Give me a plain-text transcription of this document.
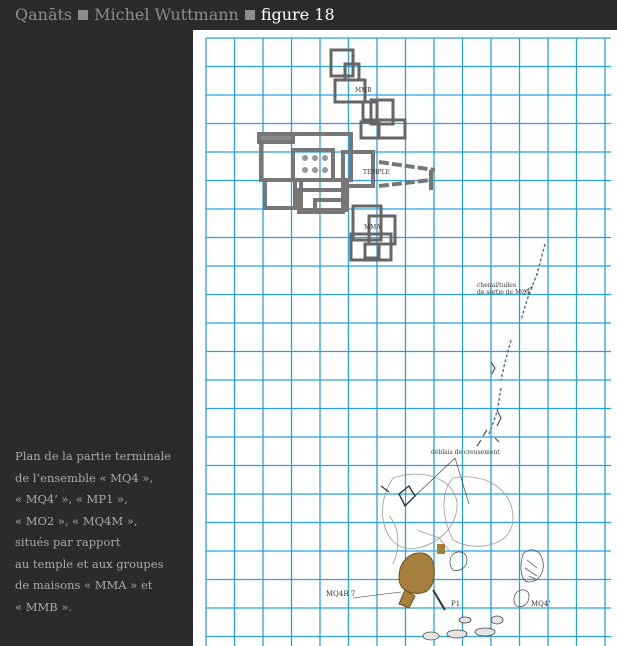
Qanāts Michel Wuttmann figure 18
Plan de la partie terminale
de l’ensemble « MQ4 »,
« MQ4’ », « MP1 »,
« MO2 », « MQ4M »,
situés par rapport
au temple et aux groupes
de maisons « MMA » et
« MMB ».
MMB
TEMPLE
MMA
chenal/tuiles
de sortie de MQ4
déblais de creusement
MQ4R 7
P1	MQ4’
